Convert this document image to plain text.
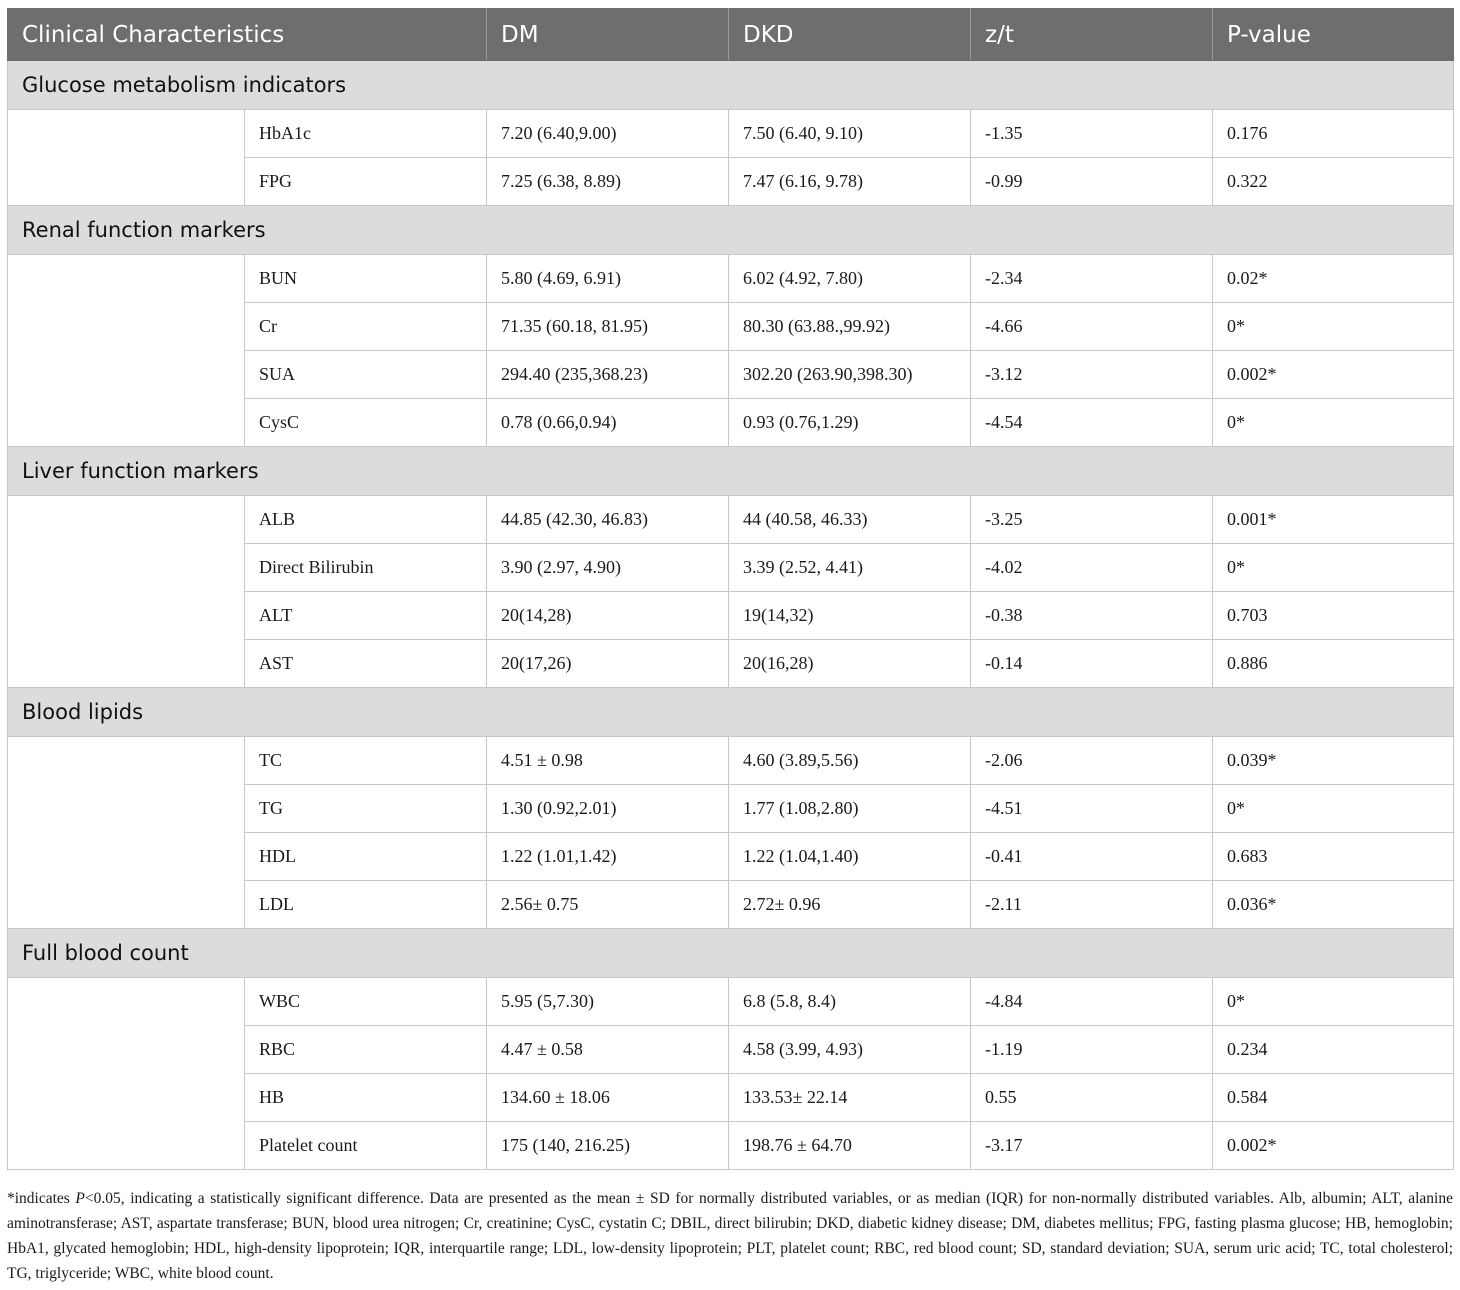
Clinical Characteristics		DM	DKD	z/t	P-value
Glucose metabolism indicators					
	HbA1c	7.20 (6.40,9.00)	7.50 (6.40, 9.10)	-1.35	0.176
	FPG	7.25 (6.38, 8.89)	7.47 (6.16, 9.78)	-0.99	0.322
Renal function markers					
	BUN	5.80 (4.69, 6.91)	6.02 (4.92, 7.80)	-2.34	0.02*
	Cr	71.35 (60.18, 81.95)	80.30 (63.88.,99.92)	-4.66	0*
	SUA	294.40 (235,368.23)	302.20 (263.90,398.30)	-3.12	0.002*
	CysC	0.78 (0.66,0.94)	0.93 (0.76,1.29)	-4.54	0*
Liver function markers					
	ALB	44.85 (42.30, 46.83)	44 (40.58, 46.33)	-3.25	0.001*
	Direct Bilirubin	3.90 (2.97, 4.90)	3.39 (2.52, 4.41)	-4.02	0*
	ALT	20(14,28)	19(14,32)	-0.38	0.703
	AST	20(17,26)	20(16,28)	-0.14	0.886
Blood lipids					
	TC	4.51 ± 0.98	4.60 (3.89,5.56)	-2.06	0.039*
	TG	1.30 (0.92,2.01)	1.77 (1.08,2.80)	-4.51	0*
	HDL	1.22 (1.01,1.42)	1.22 (1.04,1.40)	-0.41	0.683
	LDL	2.56± 0.75	2.72± 0.96	-2.11	0.036*
Full blood count					
	WBC	5.95 (5,7.30)	6.8 (5.8, 8.4)	-4.84	0*
	RBC	4.47 ± 0.58	4.58 (3.99, 4.93)	-1.19	0.234
	HB	134.60 ± 18.06	133.53± 22.14	0.55	0.584
	Platelet count	175 (140, 216.25)	198.76 ± 64.70	-3.17	0.002*

*indicates P<0.05, indicating a statistically significant difference. Data are presented as the mean ± SD for normally distributed variables, or as median (IQR) for non-normally distributed variables. Alb, albumin; ALT, alanine aminotransferase; AST, aspartate transferase; BUN, blood urea nitrogen; Cr, creatinine; CysC, cystatin C; DBIL, direct bilirubin; DKD, diabetic kidney disease; DM, diabetes mellitus; FPG, fasting plasma glucose; HB, hemoglobin; HbA1, glycated hemoglobin; HDL, high-density lipoprotein; IQR, interquartile range; LDL, low-density lipoprotein; PLT, platelet count; RBC, red blood count; SD, standard deviation; SUA, serum uric acid; TC, total cholesterol; TG, triglyceride; WBC, white blood count.
